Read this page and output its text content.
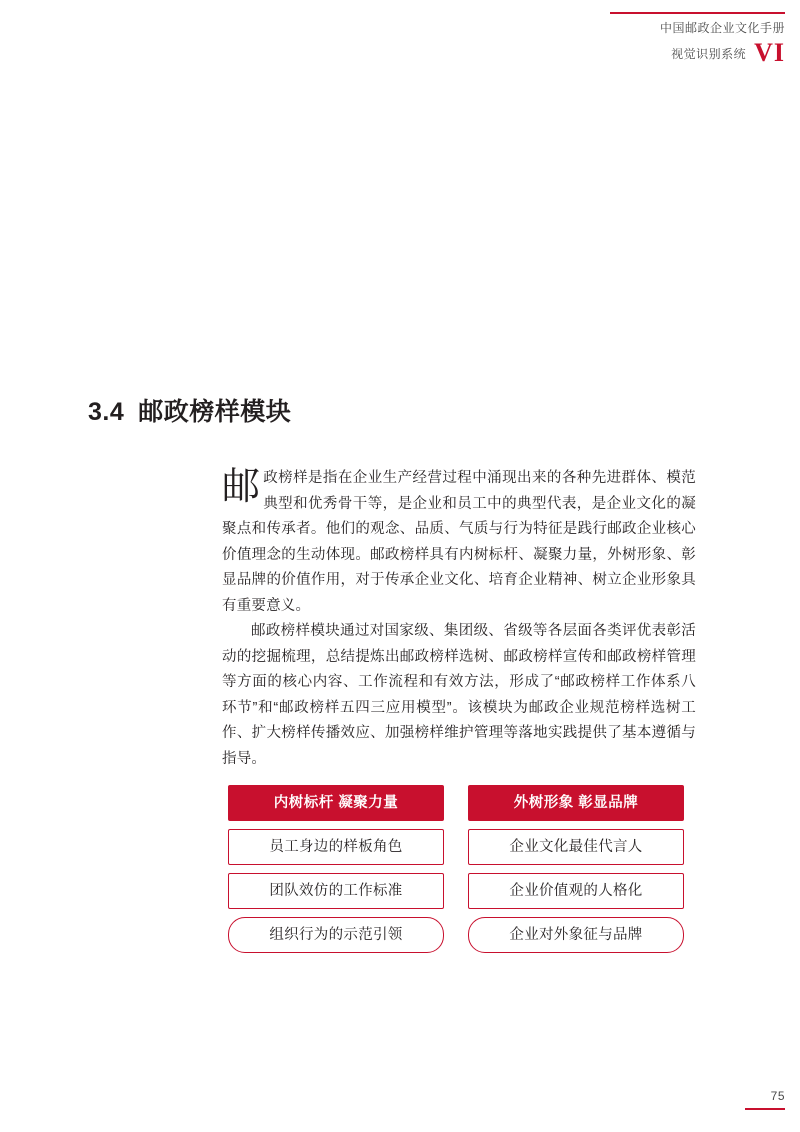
中国邮政企业文化手册
视觉识别系统 VI
3.4 邮政榜样模块
邮政榜样是指在企业生产经营过程中涌现出来的各种先进群体、模范典型和优秀骨干等，是企业和员工中的典型代表，是企业文化的凝聚点和传承者。他们的观念、品质、气质与行为特征是践行邮政企业核心价值理念的生动体现。邮政榜样具有内树标杆、凝聚力量，外树形象、彰显品牌的价值作用，对于传承企业文化、培育企业精神、树立企业形象具有重要意义。
邮政榜样模块通过对国家级、集团级、省级等各层面各类评优表彰活动的挖掘梳理，总结提炼出邮政榜样选树、邮政榜样宣传和邮政榜样管理等方面的核心内容、工作流程和有效方法，形成了“邮政榜样工作体系八环节”和“邮政榜样五四三应用模型”。该模块为邮政企业规范榜样选树工作、扩大榜样传播效应、加强榜样维护管理等落地实践提供了基本遵循与指导。
内树标杆 凝聚力量
员工身边的样板角色
团队效仿的工作标准
组织行为的示范引领
外树形象 彰显品牌
企业文化最佳代言人
企业价值观的人格化
企业对外象征与品牌
75
